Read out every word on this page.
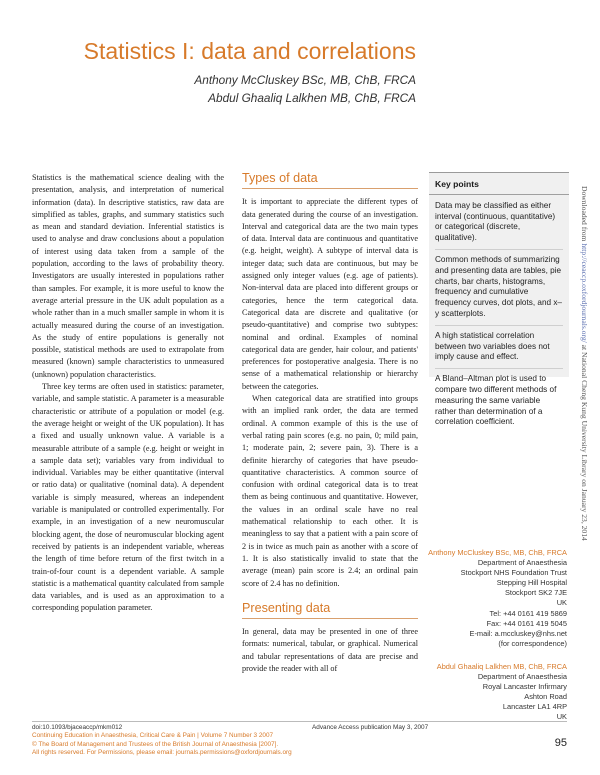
Statistics I: data and correlations
Anthony McCluskey BSc, MB, ChB, FRCA
Abdul Ghaaliq Lalkhen MB, ChB, FRCA

Statistics is the mathematical science dealing with the presentation, analysis, and interpretation of numerical information (data). In descriptive statistics, raw data are simplified as tables, graphs, and summary statistics such as mean and standard deviation. Inferential statistics is used to analyse and draw conclusions about a population of interest using data taken from a sample of the population, according to the laws of probability theory. Investigators are usually interested in populations rather than samples. For example, it is more useful to know the average arterial pressure in the UK adult population as a whole rather than in a much smaller sample in whom it is actually measured during the course of an investigation. As the study of entire populations is generally not possible, statistical methods are used to extrapolate from measured (known) sample characteristics to unmeasured (unknown) population characteristics.

Three key terms are often used in statistics: parameter, variable, and sample statistic. A parameter is a measurable characteristic or attribute of a population or model (e.g. the average height or weight of the UK population). It has a fixed and usually unknown value. A variable is a measurable attribute of a sample (e.g. height or weight in a sample data set); variables vary from individual to individual. Variables may be either quantitative (interval or ratio data) or qualitative (nominal data). A dependent variable is simply measured, whereas an independent variable is manipulated or controlled experimentally. For example, in an investigation of a new neuromuscular blocking agent, the dose of neuromuscular blocking agent received by patients is an independent variable, whereas the length of time before return of the first twitch in a train-of-four count is a dependent variable. A sample statistic is a mathematical quantity calculated from sample data variables, and is used as an approximation to a corresponding population parameter.

Types of data

It is important to appreciate the different types of data generated during the course of an investigation. Interval and categorical data are the two main types of data. Interval data are continuous and quantitative (e.g. height, weight). A subtype of interval data is integer data; such data are continuous, but may be assigned only integer values (e.g. age of patients). Non-interval data are placed into different groups or categories, hence the term categorical data. Categorical data are discrete and qualitative (or pseudo-quantitative) and comprise two subtypes: nominal and ordinal. Examples of nominal categorical data are gender, hair colour, and patients' preferences for postoperative analgesia. There is no sense of a mathematical relationship or hierarchy between the categories.

When categorical data are stratified into groups with an implied rank order, the data are termed ordinal. A common example of this is the use of verbal rating pain scores (e.g. no pain, 0; mild pain, 1; moderate pain, 2; severe pain, 3). There is a definite hierarchy of categories that have pseudo-quantitative characteristics. A common source of confusion with ordinal categorical data is to treat them as being continuous and quantitative. However, the values in an ordinal scale have no real mathematical relationship to each other. It is meaningless to say that a patient with a pain score of 2 is in twice as much pain as another with a score of 1. It is also statistically invalid to state that the average (mean) pain score is 2.4; an ordinal pain score of 2.4 has no definition.

Presenting data

In general, data may be presented in one of three formats: numerical, tabular, or graphical. Numerical and tabular representations of data are precise and provide the reader with all of

Key points
Data may be classified as either interval (continuous, quantitative) or categorical (discrete, qualitative).
Common methods of summarizing and presenting data are tables, pie charts, bar charts, histograms, frequency and cumulative frequency curves, dot plots, and x–y scatterplots.
A high statistical correlation between two variables does not imply cause and effect.
A Bland–Altman plot is used to compare two different methods of measuring the same variable rather than determination of a correlation coefficient.
Anthony McCluskey BSc, MB, ChB, FRCA
Department of Anaesthesia
Stockport NHS Foundation Trust
Stepping Hill Hospital
Stockport SK2 7JE
UK
Tel: +44 0161 419 5869
Fax: +44 0161 419 5045
E-mail: a.mccluskey@nhs.net
(for correspondence)
Abdul Ghaaliq Lalkhen MB, ChB, FRCA
Department of Anaesthesia
Royal Lancaster Infirmary
Ashton Road
Lancaster LA1 4RP
UK
Downloaded from http://ceaccp.oxfordjournals.org/ at National Cheng Kung University Library on January 23, 2014
doi:10.1093/bjaceaccp/mkm012	Advance Access publication May 3, 2007
Continuing Education in Anaesthesia, Critical Care & Pain | Volume 7 Number 3 2007
© The Board of Management and Trustees of the British Journal of Anaesthesia [2007].
All rights reserved. For Permissions, please email: journals.permissions@oxfordjournals.org
95
